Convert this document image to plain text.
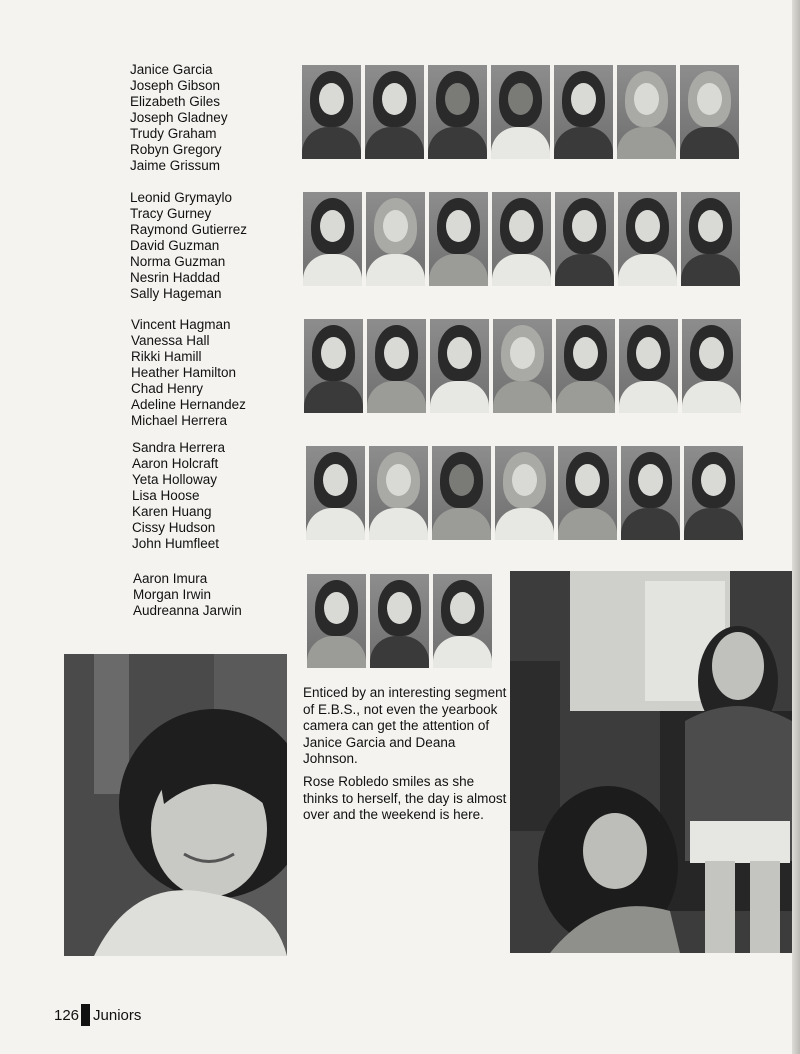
Janice Garcia
Joseph Gibson
Elizabeth Giles
Joseph Gladney
Trudy Graham
Robyn Gregory
Jaime Grissum
Leonid Grymaylo
Tracy Gurney
Raymond Gutierrez
David Guzman
Norma Guzman
Nesrin Haddad
Sally Hageman
Vincent Hagman
Vanessa Hall
Rikki Hamill
Heather Hamilton
Chad Henry
Adeline Hernandez
Michael Herrera
Sandra Herrera
Aaron Holcraft
Yeta Holloway
Lisa Hoose
Karen Huang
Cissy Hudson
John Humfleet
Aaron Imura
Morgan Irwin
Audreanna Jarwin

Enticed by an interesting segment of E.B.S., not even the yearbook camera can get the attention of Janice Garcia and Deana Johnson.

Rose Robledo smiles as she thinks to herself, the day is almost over and the weekend is here.

126 Juniors
